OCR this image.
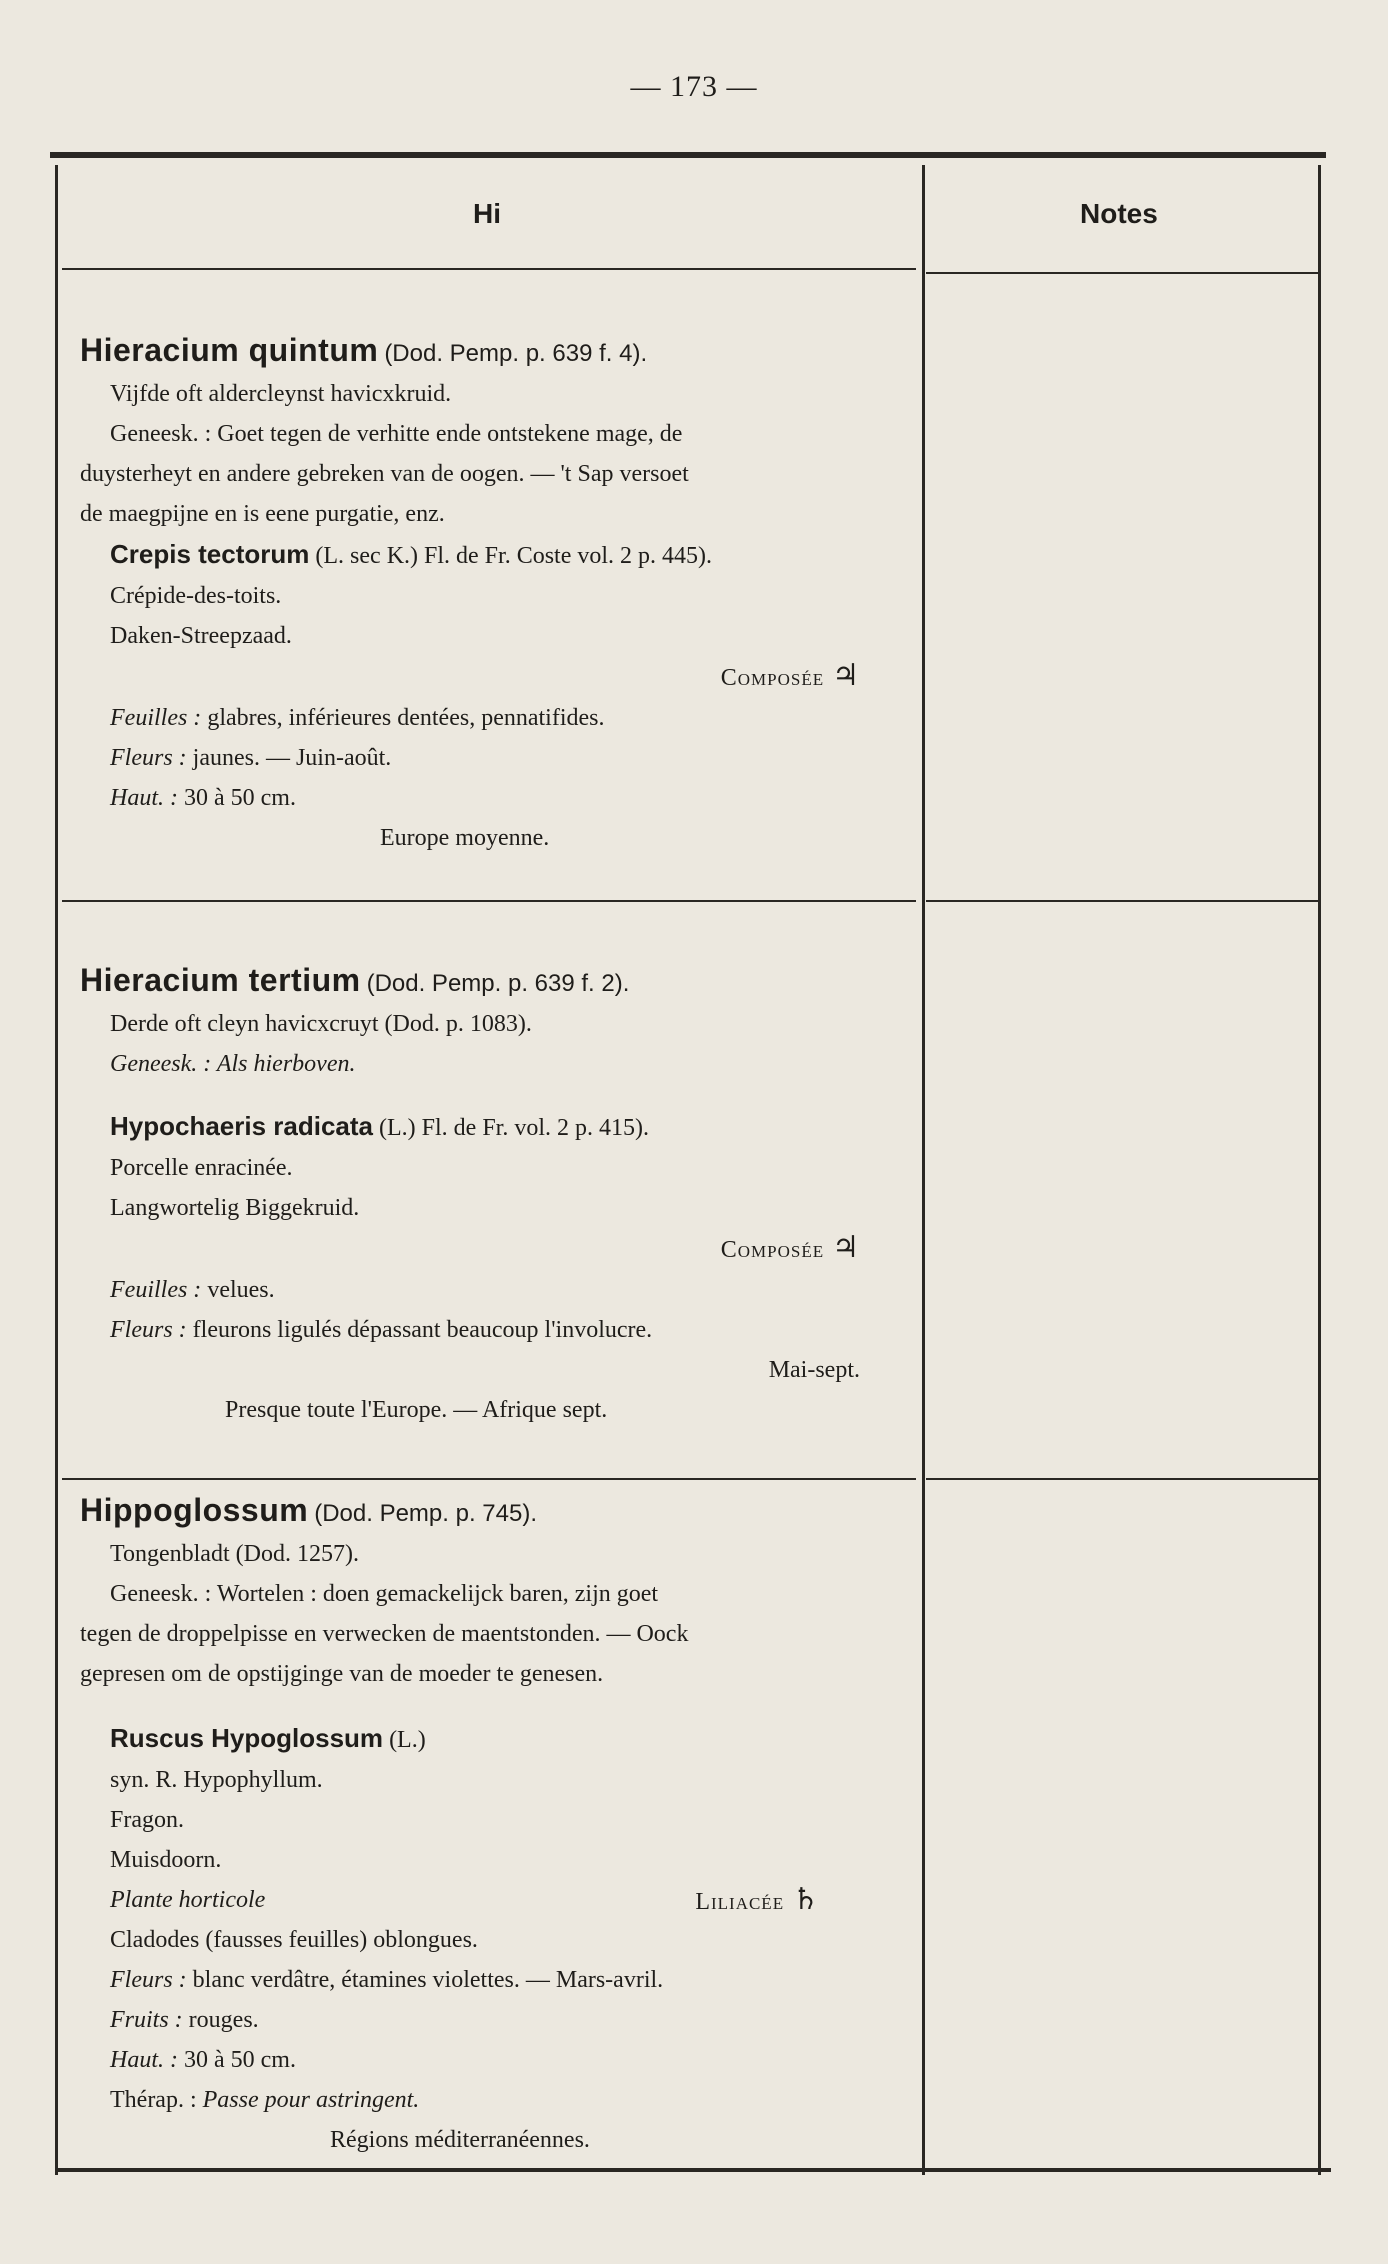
— 173 —
Hi	Notes

Hieracium quintum (Dod. Pemp. p. 639 f. 4).

Vijfde oft aldercleynst havicxkruid.

Geneesk. : Goet tegen de verhitte ende ontstekene mage, de

duysterheyt en andere gebreken van de oogen. — 't Sap versoet

de maegpijne en is eene purgatie, enz.

Crepis tectorum (L. sec K.) Fl. de Fr. Coste vol. 2 p. 445).

Crépide-des-toits.

Daken-Streepzaad.

Composée ♃

Feuilles : glabres, inférieures dentées, pennatifides.

Fleurs : jaunes. — Juin-août.

Haut. : 30 à 50 cm.

Europe moyenne.

Hieracium tertium (Dod. Pemp. p. 639 f. 2).

Derde oft cleyn havicxcruyt (Dod. p. 1083).

Geneesk. : Als hierboven.

Hypochaeris radicata (L.) Fl. de Fr. vol. 2 p. 415).

Porcelle enracinée.

Langwortelig Biggekruid.

Composée ♃

Feuilles : velues.

Fleurs : fleurons ligulés dépassant beaucoup l'involucre.

Mai-sept.

Presque toute l'Europe. — Afrique sept.

Hippoglossum (Dod. Pemp. p. 745).

Tongenbladt (Dod. 1257).

Geneesk. : Wortelen : doen gemackelijck baren, zijn goet

tegen de droppelpisse en verwecken de maentstonden. — Oock

gepresen om de opstijginge van de moeder te genesen.

Ruscus Hypoglossum (L.)

syn. R. Hypophyllum.

Fragon.

Muisdoorn.

Plante horticole	Liliacée ♄

Cladodes (fausses feuilles) oblongues.

Fleurs : blanc verdâtre, étamines violettes. — Mars-avril.

Fruits : rouges.

Haut. : 30 à 50 cm.

Thérap. : Passe pour astringent.

Régions méditerranéennes.
